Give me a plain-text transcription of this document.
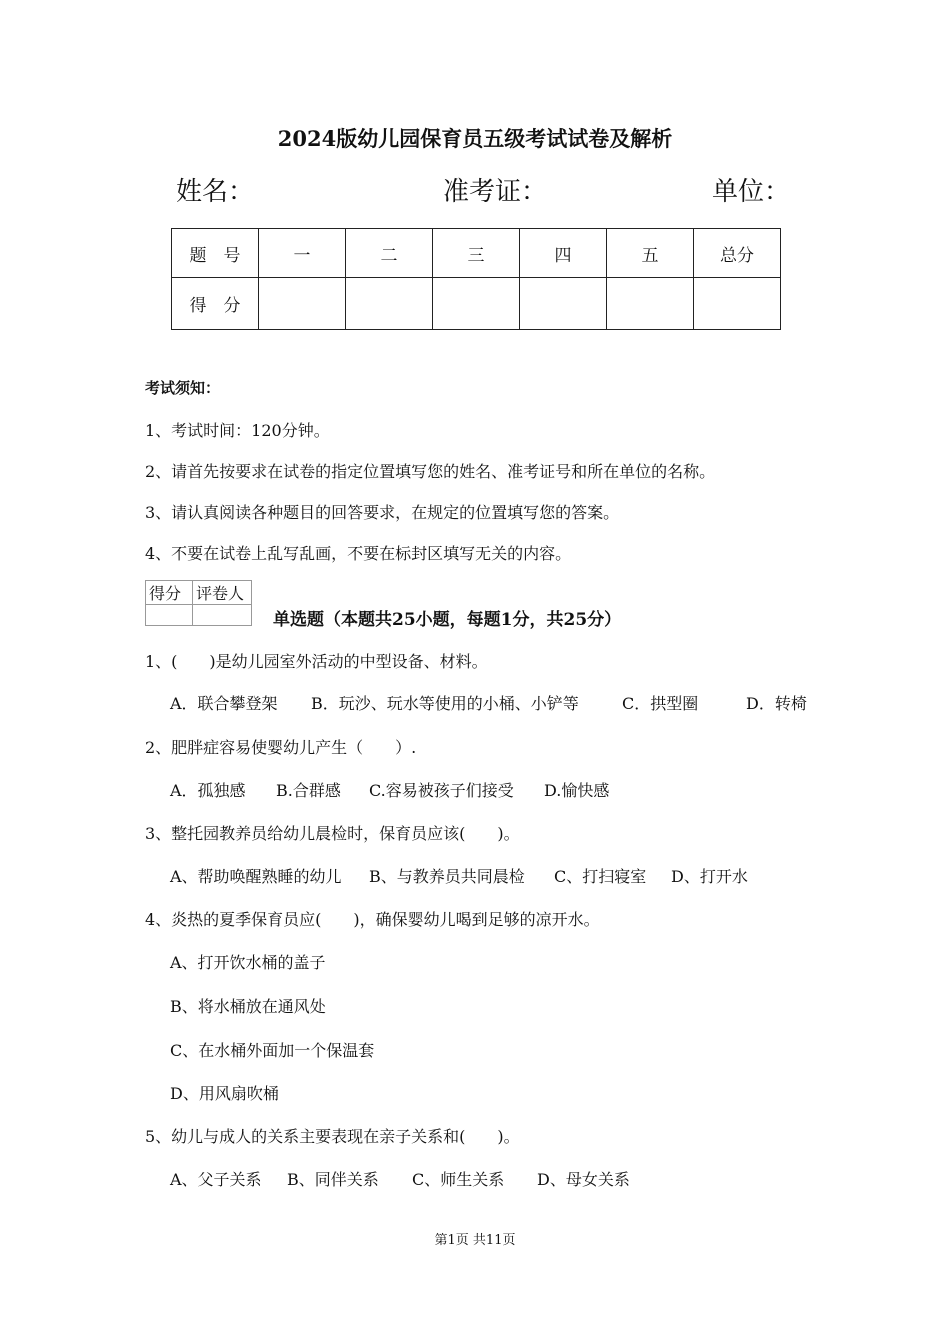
2024版幼儿园保育员五级考试试卷及解析
姓名：	准考证：	单位：
题　号	一	二	三	四	五	总分
得　分						
考试须知：
1、考试时间：120分钟。
2、请首先按要求在试卷的指定位置填写您的姓名、准考证号和所在单位的名称。
3、请认真阅读各种题目的回答要求，在规定的位置填写您的答案。
4、不要在试卷上乱写乱画，不要在标封区填写无关的内容。
得分	评卷人

单选题（本题共25小题，每题1分，共25分）
1、(　　)是幼儿园室外活动的中型设备、材料。
A．联合攀登架 B．玩沙、玩水等使用的小桶、小铲等	C．拱型圈	D．转椅
2、肥胖症容易使婴幼儿产生（　　）.
A．孤独感 B.合群感 C.容易被孩子们接受 D.愉快感
3、整托园教养员给幼儿晨检时，保育员应该(　　)。
A、帮助唤醒熟睡的幼儿 B、与教养员共同晨检 C、打扫寝室 D、打开水
4、炎热的夏季保育员应(　　)，确保婴幼儿喝到足够的凉开水。
A、打开饮水桶的盖子
B、将水桶放在通风处
C、在水桶外面加一个保温套
D、用风扇吹桶
5、幼儿与成人的关系主要表现在亲子关系和(　　)。
A、父子关系 B、同伴关系 C、师生关系 D、母女关系
第1页 共11页
